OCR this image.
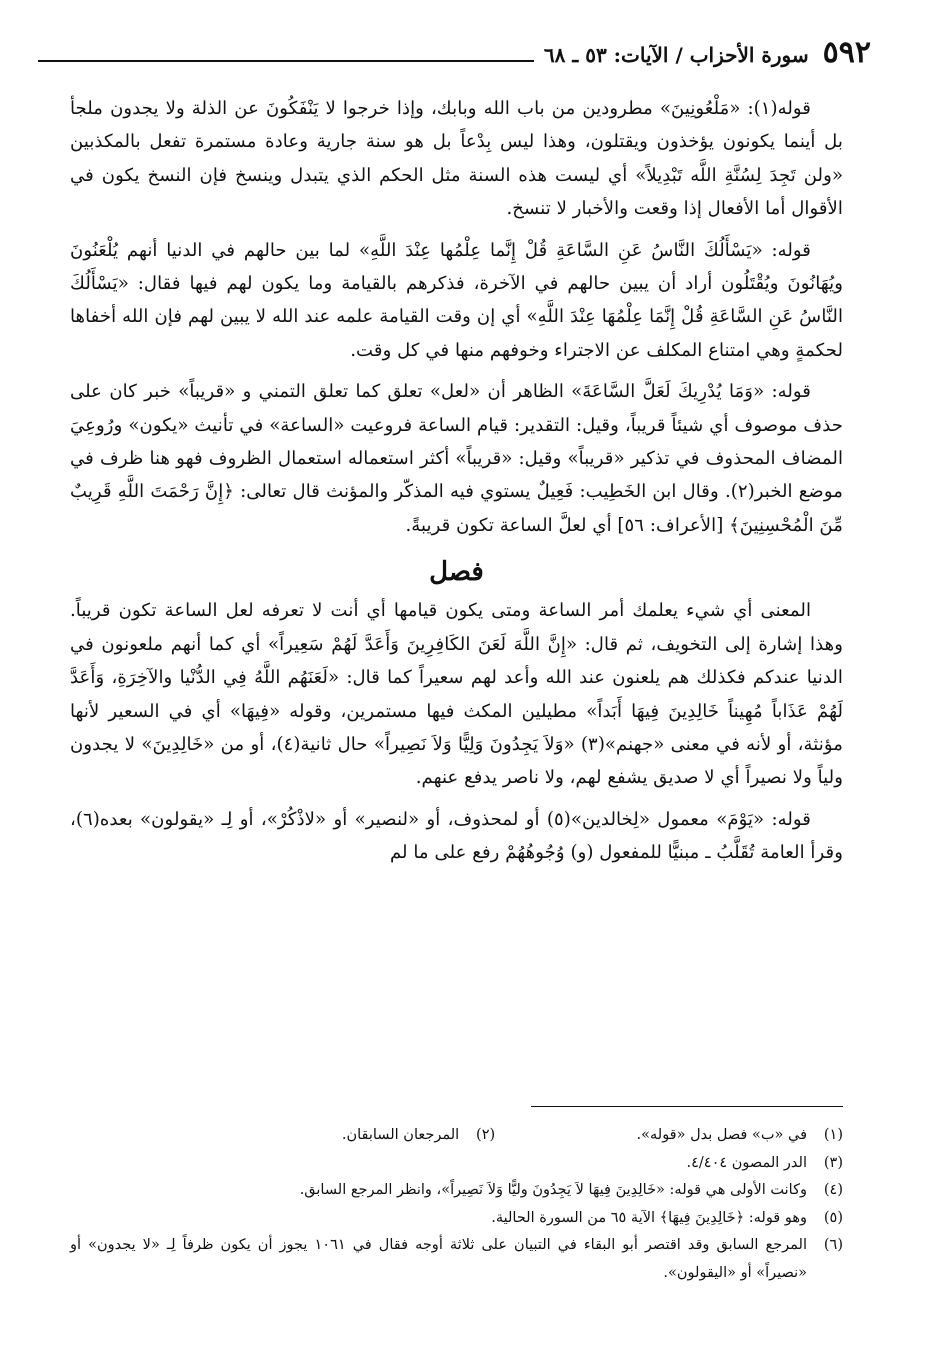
٥٩٢
سورة الأحزاب / الآيات: ٥٣ ـ ٦٨

قوله(١): «مَلْعُونِينَ» مطرودين من باب الله وبابك، وإذا خرجوا لا يَنْفَكُونَ عن الذلة ولا يجدون ملجأ بل أينما يكونون يؤخذون ويقتلون، وهذا ليس بِدْعاً بل هو سنة جارية وعادة مستمرة تفعل بالمكذبين «ولن تَجِدَ لِسُنَّةِ اللَّه تَبْدِيلاً» أي ليست هذه السنة مثل الحكم الذي يتبدل وينسخ فإن النسخ يكون في الأقوال أما الأفعال إذا وقعت والأخبار لا تنسخ.

قوله: «يَسْأَلُكَ النَّاسُ عَنِ السَّاعَةِ قُلْ إِنَّما عِلْمُها عِنْدَ اللَّهِ» لما بين حالهم في الدنيا أنهم يُلْعَنُونَ ويُهَانُونَ ويُقْتَلُون أراد أن يبين حالهم في الآخرة، فذكرهم بالقيامة وما يكون لهم فيها فقال: «يَسْأَلُكَ النَّاسُ عَنِ السَّاعَةِ قُلْ إِنَّمَا عِلْمُهَا عِنْدَ اللَّهِ» أي إن وقت القيامة علمه عند الله لا يبين لهم فإن الله أخفاها لحكمةٍ وهي امتناع المكلف عن الاجتراء وخوفهم منها في كل وقت.

قوله: «وَمَا يُدْرِيكَ لَعَلَّ السَّاعَةَ» الظاهر أن «لعل» تعلق كما تعلق التمني و «قريباً» خبر كان على حذف موصوف أي شيئاً قريباً، وقيل: التقدير: قيام الساعة فروعيت «الساعة» في تأنيث «يكون» ورُوعِيَ المضاف المحذوف في تذكير «قريباً» وقيل: «قريباً» أكثر استعماله استعمال الظروف فهو هنا ظرف في موضع الخبر(٢). وقال ابن الخَطِيب: فَعِيلٌ يستوي فيه المذكّر والمؤنث قال تعالى: ﴿إِنَّ رَحْمَتَ اللَّهِ قَرِيبٌ مِّنَ الْمُحْسِنِينَ﴾ [الأعراف: ٥٦] أي لعلَّ الساعة تكون قريبةً.

فصل

المعنى أي شيء يعلمك أمر الساعة ومتى يكون قيامها أي أنت لا تعرفه لعل الساعة تكون قريباً. وهذا إشارة إلى التخويف، ثم قال: «إِنَّ اللَّهَ لَعَنَ الكَافِرِينَ وَأَعَدَّ لَهُمْ سَعِيراً» أي كما أنهم ملعونون في الدنيا عندكم فكذلك هم يلعنون عند الله وأعد لهم سعيراً كما قال: «لَعَنَهُم اللَّهُ فِي الدُّنْيا والآخِرَةِ، وَأَعَدَّ لَهُمْ عَذَاباً مُهِيناً خَالِدِينَ فِيهَا أَبَداً» مطيلين المكث فيها مستمرين، وقوله «فِيهَا» أي في السعير لأنها مؤنثة، أو لأنه في معنى «جهنم»(٣) «وَلاَ يَجِدُونَ وَلِيًّا وَلاَ نَصِيراً» حال ثانية(٤)، أو من «خَالِدِينَ» لا يجدون ولياً ولا نصيراً أي لا صديق يشفع لهم، ولا ناصر يدفع عنهم.

قوله: «يَوْمَ» معمول «لِخالدين»(٥) أو لمحذوف، أو «لنصير» أو «لاذْكُرْ»، أو لِـ «يقولون» بعده(٦)، وقرأ العامة تُقَلَّبُ ـ مبنيًّا للمفعول (و) وُجُوهُهُمْ رفع على ما لم

(١)
في «ب» فصل بدل «قوله».
(٢)
المرجعان السابقان.
(٣)
الدر المصون ٤/٤٠٤.
(٤)
وكانت الأولى هي قوله: «خَالِدِينَ فِيهَا لاَ يَجِدُونَ وليًّا وَلاَ نَصِيراً»، وانظر المرجع السابق.
(٥)
وهو قوله: ﴿خَالِدِينَ فِيهَا﴾ الآية ٦٥ من السورة الحالية.
(٦)
المرجع السابق وقد اقتصر أبو البقاء في التبيان على ثلاثة أوجه فقال في ١٠٦١ يجوز أن يكون ظرفاً لِـ «لا يجدون» أو «نصيراً» أو «اليقولون».
